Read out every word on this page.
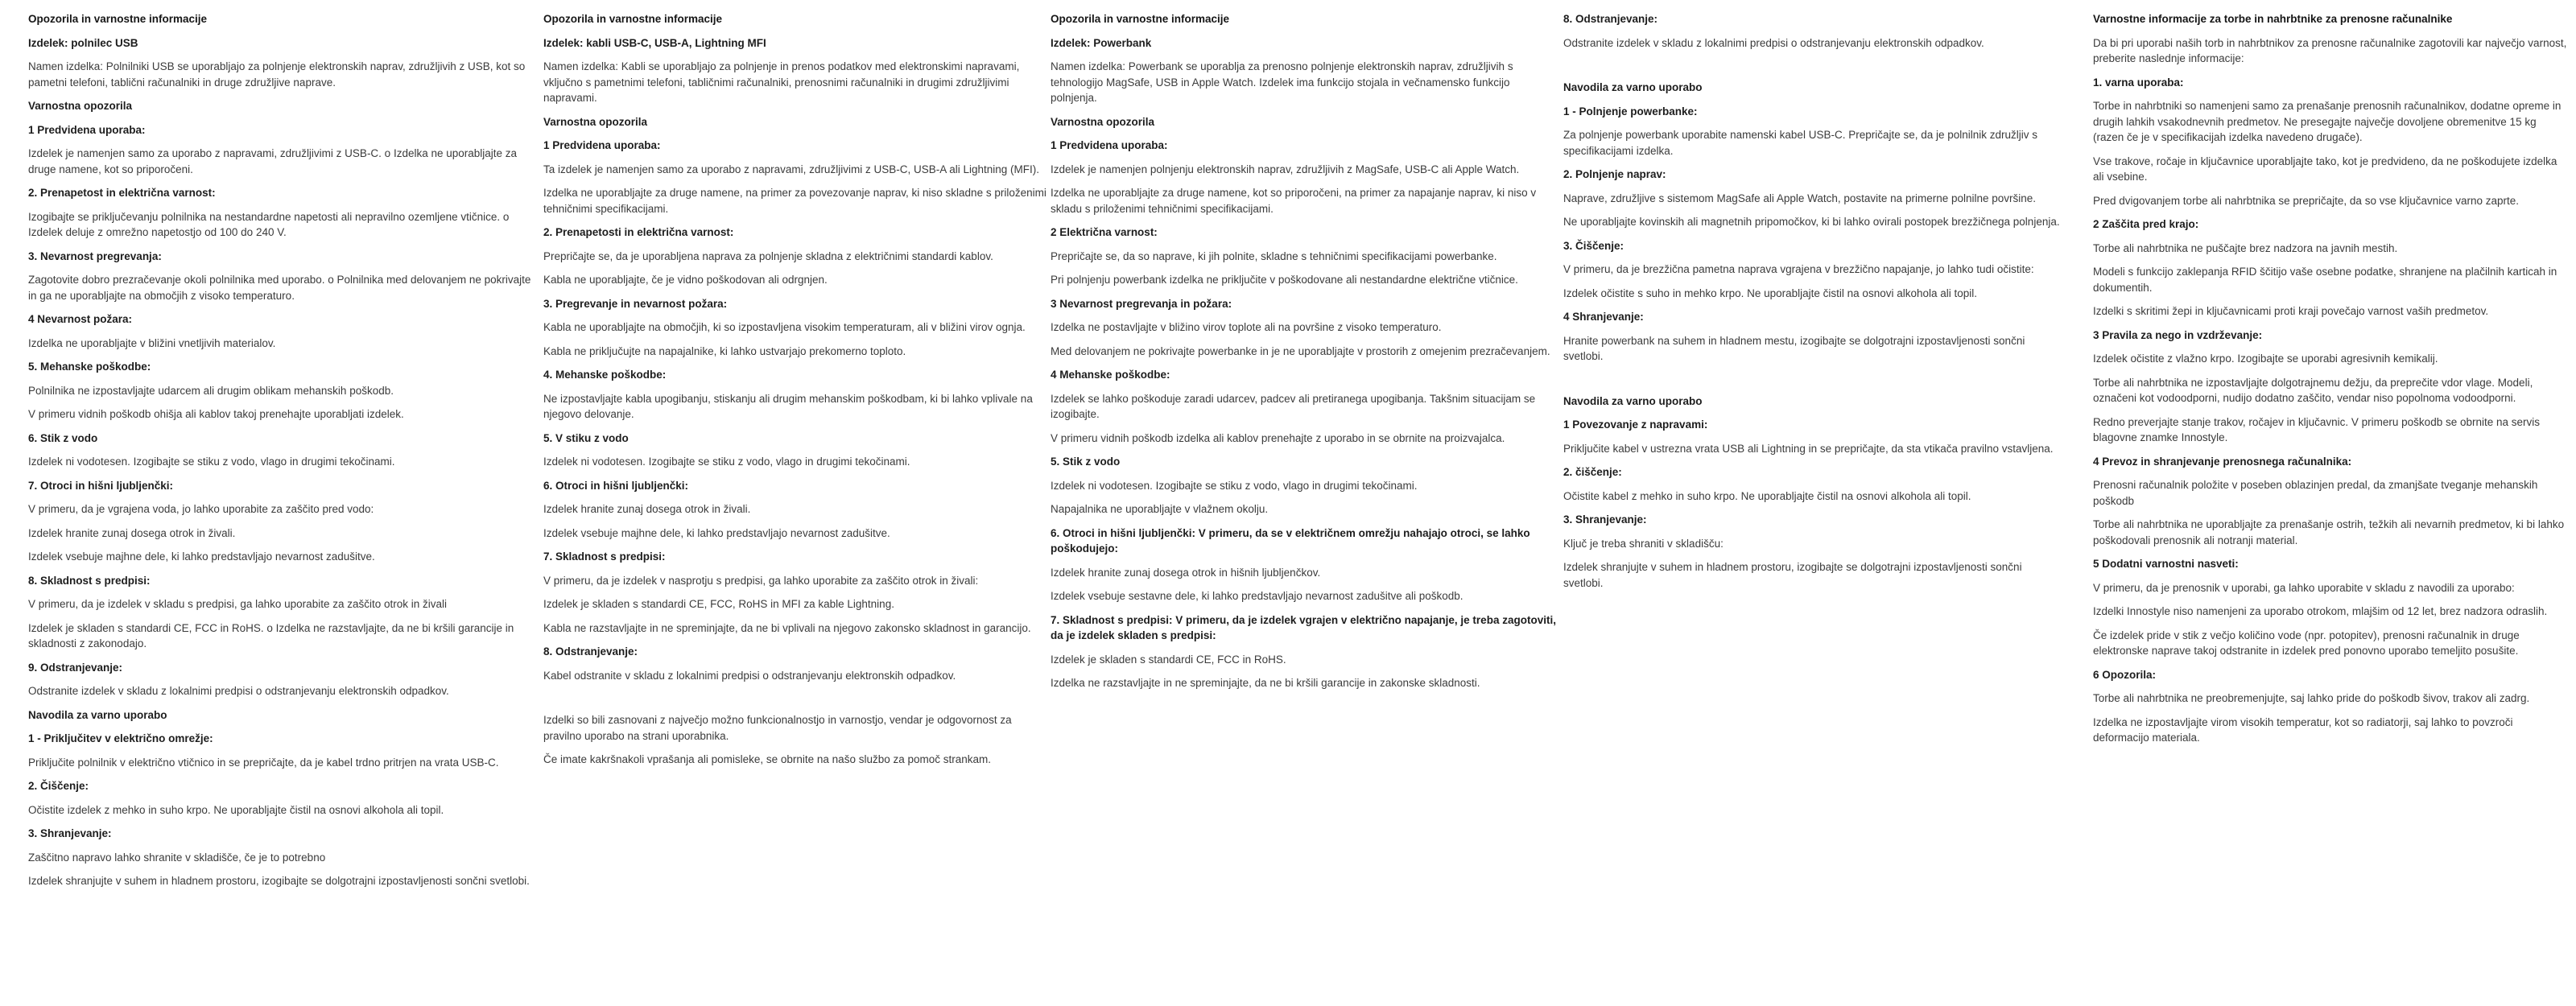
Opozorila in varnostne informacije
Izdelek: polnilec USB

Namen izdelka: Polnilniki USB se uporabljajo za polnjenje elektronskih naprav, združljivih z USB, kot so pametni telefoni, tablični računalniki in druge združljive naprave.

Varnostna opozorila
1 Predvidena uporaba:

Izdelek je namenjen samo za uporabo z napravami, združljivimi z USB-C. o Izdelka ne uporabljajte za druge namene, kot so priporočeni.

2. Prenapetost in električna varnost:

Izogibajte se priključevanju polnilnika na nestandardne napetosti ali nepravilno ozemljene vtičnice. o Izdelek deluje z omrežno napetostjo od 100 do 240 V.

3. Nevarnost pregrevanja:

Zagotovite dobro prezračevanje okoli polnilnika med uporabo. o Polnilnika med delovanjem ne pokrivajte in ga ne uporabljajte na območjih z visoko temperaturo.

4 Nevarnost požara:

Izdelka ne uporabljajte v bližini vnetljivih materialov.

5. Mehanske poškodbe:

Polnilnika ne izpostavljajte udarcem ali drugim oblikam mehanskih poškodb.

V primeru vidnih poškodb ohišja ali kablov takoj prenehajte uporabljati izdelek.

6. Stik z vodo

Izdelek ni vodotesen. Izogibajte se stiku z vodo, vlago in drugimi tekočinami.

7. Otroci in hišni ljubljenčki:

V primeru, da je vgrajena voda, jo lahko uporabite za zaščito pred vodo:

Izdelek hranite zunaj dosega otrok in živali.

Izdelek vsebuje majhne dele, ki lahko predstavljajo nevarnost zadušitve.

8. Skladnost s predpisi:

V primeru, da je izdelek v skladu s predpisi, ga lahko uporabite za zaščito otrok in živali

Izdelek je skladen s standardi CE, FCC in RoHS. o Izdelka ne razstavljajte, da ne bi kršili garancije in skladnosti z zakonodajo.

9. Odstranjevanje:

Odstranite izdelek v skladu z lokalnimi predpisi o odstranjevanju elektronskih odpadkov.

Navodila za varno uporabo
1 - Priključitev v električno omrežje:

Priključite polnilnik v električno vtičnico in se prepričajte, da je kabel trdno pritrjen na vrata USB-C.

2. Čiščenje:

Očistite izdelek z mehko in suho krpo. Ne uporabljajte čistil na osnovi alkohola ali topil.

3. Shranjevanje:

Zaščitno napravo lahko shranite v skladišče, če je to potrebno

Izdelek shranjujte v suhem in hladnem prostoru, izogibajte se dolgotrajni izpostavljenosti sončni svetlobi.

Opozorila in varnostne informacije
Izdelek: kabli USB-C, USB-A, Lightning MFI

Namen izdelka: Kabli se uporabljajo za polnjenje in prenos podatkov med elektronskimi napravami, vključno s pametnimi telefoni, tabličnimi računalniki, prenosnimi računalniki in drugimi združljivimi napravami.

Varnostna opozorila
1 Predvidena uporaba:

Ta izdelek je namenjen samo za uporabo z napravami, združljivimi z USB-C, USB-A ali Lightning (MFI).

Izdelka ne uporabljajte za druge namene, na primer za povezovanje naprav, ki niso skladne s priloženimi tehničnimi specifikacijami.

2. Prenapetosti in električna varnost:

Prepričajte se, da je uporabljena naprava za polnjenje skladna z električnimi standardi kablov.

Kabla ne uporabljajte, če je vidno poškodovan ali odrgnjen.

3. Pregrevanje in nevarnost požara:

Kabla ne uporabljajte na območjih, ki so izpostavljena visokim temperaturam, ali v bližini virov ognja.

Kabla ne priključujte na napajalnike, ki lahko ustvarjajo prekomerno toploto.

4. Mehanske poškodbe:

Ne izpostavljajte kabla upogibanju, stiskanju ali drugim mehanskim poškodbam, ki bi lahko vplivale na njegovo delovanje.

5. V stiku z vodo

Izdelek ni vodotesen. Izogibajte se stiku z vodo, vlago in drugimi tekočinami.

6. Otroci in hišni ljubljenčki:

Izdelek hranite zunaj dosega otrok in živali.

Izdelek vsebuje majhne dele, ki lahko predstavljajo nevarnost zadušitve.

7. Skladnost s predpisi:

V primeru, da je izdelek v nasprotju s predpisi, ga lahko uporabite za zaščito otrok in živali:

Izdelek je skladen s standardi CE, FCC, RoHS in MFI za kable Lightning.

Kabla ne razstavljajte in ne spreminjajte, da ne bi vplivali na njegovo zakonsko skladnost in garancijo.

8. Odstranjevanje:

Kabel odstranite v skladu z lokalnimi predpisi o odstranjevanju elektronskih odpadkov.

Izdelki so bili zasnovani z največjo možno funkcionalnostjo in varnostjo, vendar je odgovornost za pravilno uporabo na strani uporabnika.

Če imate kakršnakoli vprašanja ali pomisleke, se obrnite na našo službo za pomoč strankam.

Opozorila in varnostne informacije
Izdelek: Powerbank

Namen izdelka: Powerbank se uporablja za prenosno polnjenje elektronskih naprav, združljivih s tehnologijo MagSafe, USB in Apple Watch. Izdelek ima funkcijo stojala in večnamensko funkcijo polnjenja.

Varnostna opozorila
1 Predvidena uporaba:

Izdelek je namenjen polnjenju elektronskih naprav, združljivih z MagSafe, USB-C ali Apple Watch.

Izdelka ne uporabljajte za druge namene, kot so priporočeni, na primer za napajanje naprav, ki niso v skladu s priloženimi tehničnimi specifikacijami.

2 Električna varnost:

Prepričajte se, da so naprave, ki jih polnite, skladne s tehničnimi specifikacijami powerbanke.

Pri polnjenju powerbank izdelka ne priključite v poškodovane ali nestandardne električne vtičnice.

3 Nevarnost pregrevanja in požara:

Izdelka ne postavljajte v bližino virov toplote ali na površine z visoko temperaturo.

Med delovanjem ne pokrivajte powerbanke in je ne uporabljajte v prostorih z omejenim prezračevanjem.

4 Mehanske poškodbe:

Izdelek se lahko poškoduje zaradi udarcev, padcev ali pretiranega upogibanja. Takšnim situacijam se izogibajte.

V primeru vidnih poškodb izdelka ali kablov prenehajte z uporabo in se obrnite na proizvajalca.

5. Stik z vodo

Izdelek ni vodotesen. Izogibajte se stiku z vodo, vlago in drugimi tekočinami.

Napajalnika ne uporabljajte v vlažnem okolju.

6. Otroci in hišni ljubljenčki: V primeru, da se v električnem omrežju nahajajo otroci, se lahko poškodujejo:

Izdelek hranite zunaj dosega otrok in hišnih ljubljenčkov.

Izdelek vsebuje sestavne dele, ki lahko predstavljajo nevarnost zadušitve ali poškodb.

7. Skladnost s predpisi: V primeru, da je izdelek vgrajen v električno napajanje, je treba zagotoviti, da je izdelek skladen s predpisi:

Izdelek je skladen s standardi CE, FCC in RoHS.

Izdelka ne razstavljajte in ne spreminjajte, da ne bi kršili garancije in zakonske skladnosti.

8. Odstranjevanje:

Odstranite izdelek v skladu z lokalnimi predpisi o odstranjevanju elektronskih odpadkov.

Navodila za varno uporabo
1 - Polnjenje powerbanke:

Za polnjenje powerbank uporabite namenski kabel USB-C. Prepričajte se, da je polnilnik združljiv s specifikacijami izdelka.

2. Polnjenje naprav:

Naprave, združljive s sistemom MagSafe ali Apple Watch, postavite na primerne polnilne površine.

Ne uporabljajte kovinskih ali magnetnih pripomočkov, ki bi lahko ovirali postopek brezžičnega polnjenja.

3. Čiščenje:

V primeru, da je brezžična pametna naprava vgrajena v brezžično napajanje, jo lahko tudi očistite:

Izdelek očistite s suho in mehko krpo. Ne uporabljajte čistil na osnovi alkohola ali topil.

4 Shranjevanje:

Hranite powerbank na suhem in hladnem mestu, izogibajte se dolgotrajni izpostavljenosti sončni svetlobi.

Navodila za varno uporabo
1 Povezovanje z napravami:

Priključite kabel v ustrezna vrata USB ali Lightning in se prepričajte, da sta vtikača pravilno vstavljena.

2. čiščenje:

Očistite kabel z mehko in suho krpo. Ne uporabljajte čistil na osnovi alkohola ali topil.

3. Shranjevanje:

Ključ je treba shraniti v skladišču:

Izdelek shranjujte v suhem in hladnem prostoru, izogibajte se dolgotrajni izpostavljenosti sončni svetlobi.

Varnostne informacije za torbe in nahrbtnike za prenosne računalnike

Da bi pri uporabi naših torb in nahrbtnikov za prenosne računalnike zagotovili kar največjo varnost, preberite naslednje informacije:

1. varna uporaba:

Torbe in nahrbtniki so namenjeni samo za prenašanje prenosnih računalnikov, dodatne opreme in drugih lahkih vsakodnevnih predmetov. Ne presegajte največje dovoljene obremenitve 15 kg (razen če je v specifikacijah izdelka navedeno drugače).

Vse trakove, ročaje in ključavnice uporabljajte tako, kot je predvideno, da ne poškodujete izdelka ali vsebine.

Pred dvigovanjem torbe ali nahrbtnika se prepričajte, da so vse ključavnice varno zaprte.

2 Zaščita pred krajo:

Torbe ali nahrbtnika ne puščajte brez nadzora na javnih mestih.

Modeli s funkcijo zaklepanja RFID ščitijo vaše osebne podatke, shranjene na plačilnih karticah in dokumentih.

Izdelki s skritimi žepi in ključavnicami proti kraji povečajo varnost vaših predmetov.

3 Pravila za nego in vzdrževanje:

Izdelek očistite z vlažno krpo. Izogibajte se uporabi agresivnih kemikalij.

Torbe ali nahrbtnika ne izpostavljajte dolgotrajnemu dežju, da preprečite vdor vlage. Modeli, označeni kot vodoodporni, nudijo dodatno zaščito, vendar niso popolnoma vodoodporni.

Redno preverjajte stanje trakov, ročajev in ključavnic. V primeru poškodb se obrnite na servis blagovne znamke Innostyle.

4 Prevoz in shranjevanje prenosnega računalnika:

Prenosni računalnik položite v poseben oblazinjen predal, da zmanjšate tveganje mehanskih poškodb

Torbe ali nahrbtnika ne uporabljajte za prenašanje ostrih, težkih ali nevarnih predmetov, ki bi lahko poškodovali prenosnik ali notranji material.

5 Dodatni varnostni nasveti:

V primeru, da je prenosnik v uporabi, ga lahko uporabite v skladu z navodili za uporabo:

Izdelki Innostyle niso namenjeni za uporabo otrokom, mlajšim od 12 let, brez nadzora odraslih.

Če izdelek pride v stik z večjo količino vode (npr. potopitev), prenosni računalnik in druge elektronske naprave takoj odstranite in izdelek pred ponovno uporabo temeljito posušite.

6 Opozorila:

Torbe ali nahrbtnika ne preobremenjujte, saj lahko pride do poškodb šivov, trakov ali zadrg.

Izdelka ne izpostavljajte virom visokih temperatur, kot so radiatorji, saj lahko to povzroči deformacijo materiala.
